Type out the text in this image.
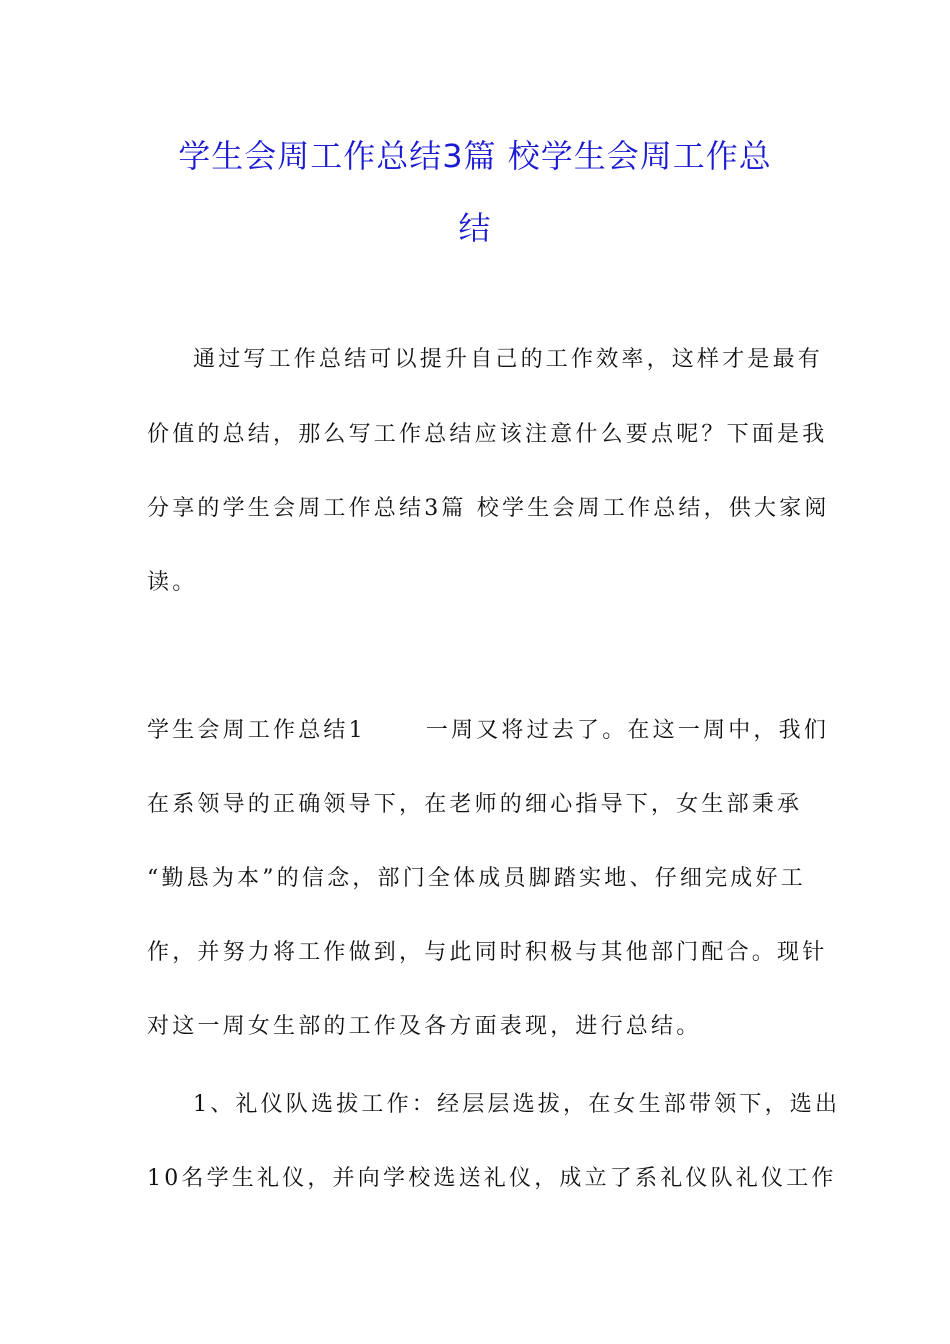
学生会周工作总结3篇 校学生会周工作总
结

通过写工作总结可以提升自己的工作效率，这样才是最有

价值的总结，那么写工作总结应该注意什么要点呢？下面是我

分享的学生会周工作总结3篇 校学生会周工作总结，供大家阅

读。

学生会周工作总结1	一周又将过去了。在这一周中，我们

在系领导的正确领导下，在老师的细心指导下，女生部秉承

“勤恳为本”的信念，部门全体成员脚踏实地、仔细完成好工

作，并努力将工作做到，与此同时积极与其他部门配合。现针

对这一周女生部的工作及各方面表现，进行总结。

1、礼仪队选拔工作：经层层选拔，在女生部带领下，选出

10名学生礼仪，并向学校选送礼仪，成立了系礼仪队礼仪工作
